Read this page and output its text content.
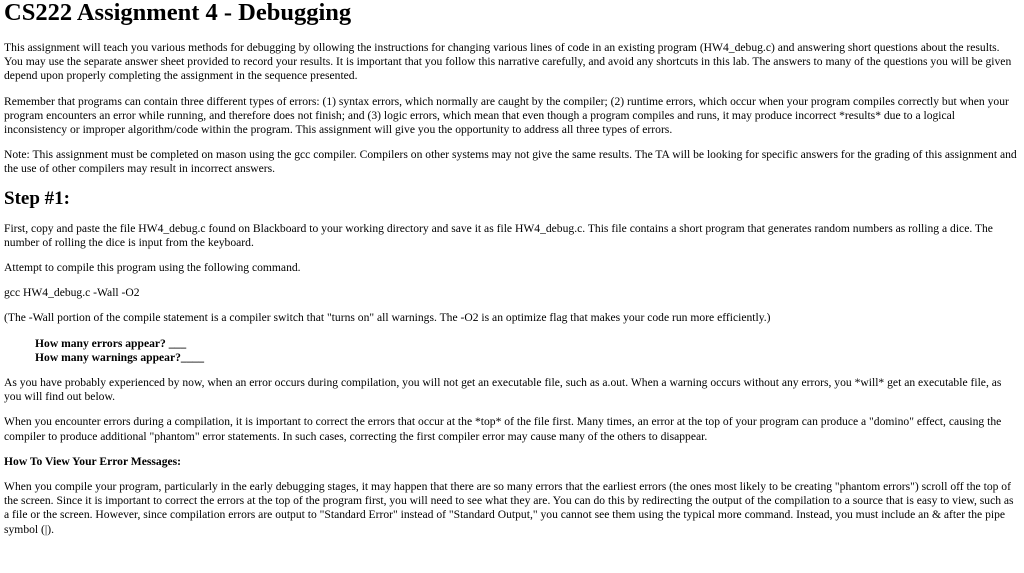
CS222 Assignment 4 - Debugging

This assignment will teach you various methods for debugging by ollowing the instructions for changing various lines of code in an existing program (HW4_debug.c) and answering short questions about the results. You may use the separate answer sheet provided to record your results. It is important that you follow this narrative carefully, and avoid any shortcuts in this lab. The answers to many of the questions you will be given depend upon properly completing the assignment in the sequence presented.

Remember that programs can contain three different types of errors: (1) syntax errors, which normally are caught by the compiler; (2) runtime errors, which occur when your program compiles correctly but when your program encounters an error while running, and therefore does not finish; and (3) logic errors, which mean that even though a program compiles and runs, it may produce incorrect *results* due to a logical inconsistency or improper algorithm/code within the program. This assignment will give you the opportunity to address all three types of errors.

Note: This assignment must be completed on mason using the gcc compiler. Compilers on other systems may not give the same results. The TA will be looking for specific answers for the grading of this assignment and the use of other compilers may result in incorrect answers.

Step #1:

First, copy and paste the file HW4_debug.c found on Blackboard to your working directory and save it as file HW4_debug.c. This file contains a short program that generates random numbers as rolling a dice. The number of rolling the dice is input from the keyboard.

Attempt to compile this program using the following command.

gcc HW4_debug.c -Wall -O2

(The -Wall portion of the compile statement is a compiler switch that "turns on" all warnings. The -O2 is an optimize flag that makes your code run more efficiently.)

How many errors appear? ___

How many warnings appear?____

As you have probably experienced by now, when an error occurs during compilation, you will not get an executable file, such as a.out. When a warning occurs without any errors, you *will* get an executable file, as you will find out below.

When you encounter errors during a compilation, it is important to correct the errors that occur at the *top* of the file first. Many times, an error at the top of your program can produce a "domino" effect, causing the compiler to produce additional "phantom" error statements. In such cases, correcting the first compiler error may cause many of the others to disappear.

How To View Your Error Messages:

When you compile your program, particularly in the early debugging stages, it may happen that there are so many errors that the earliest errors (the ones most likely to be creating "phantom errors") scroll off the top of the screen. Since it is important to correct the errors at the top of the program first, you will need to see what they are. You can do this by redirecting the output of the compilation to a source that is easy to view, such as a file or the screen. However, since compilation errors are output to "Standard Error" instead of "Standard Output," you cannot see them using the typical more command. Instead, you must include an & after the pipe symbol (|).
